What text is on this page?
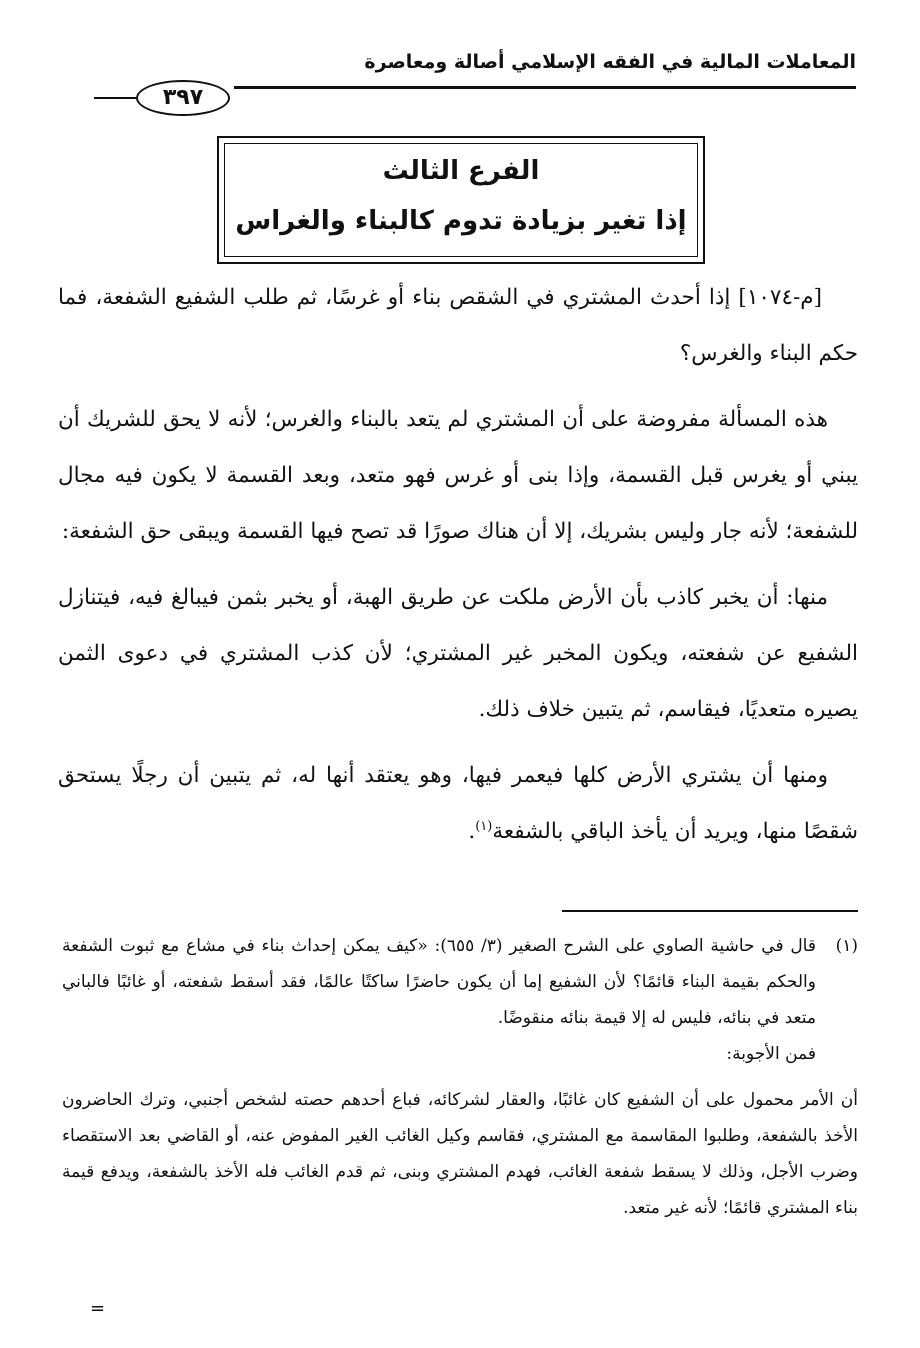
المعاملات المالية في الفقه الإسلامي أصالة ومعاصرة
٣٩٧
الفرع الثالث
إذا تغير بزيادة تدوم كالبناء والغراس

[م-١٠٧٤] إذا أحدث المشتري في الشقص بناء أو غرسًا، ثم طلب الشفيع الشفعة، فما حكم البناء والغرس؟

هذه المسألة مفروضة على أن المشتري لم يتعد بالبناء والغرس؛ لأنه لا يحق للشريك أن يبني أو يغرس قبل القسمة، وإذا بنى أو غرس فهو متعد، وبعد القسمة لا يكون فيه مجال للشفعة؛ لأنه جار وليس بشريك، إلا أن هناك صورًا قد تصح فيها القسمة ويبقى حق الشفعة:

منها: أن يخبر كاذب بأن الأرض ملكت عن طريق الهبة، أو يخبر بثمن فيبالغ فيه، فيتنازل الشفيع عن شفعته، ويكون المخبر غير المشتري؛ لأن كذب المشتري في دعوى الثمن يصيره متعديًا، فيقاسم، ثم يتبين خلاف ذلك.

ومنها أن يشتري الأرض كلها فيعمر فيها، وهو يعتقد أنها له، ثم يتبين أن رجلًا يستحق شقصًا منها، ويريد أن يأخذ الباقي بالشفعة$^{(١)}$.

(١)

قال في حاشية الصاوي على الشرح الصغير (٣/ ٦٥٥): «كيف يمكن إحداث بناء في مشاع مع ثبوت الشفعة والحكم بقيمة البناء قائمًا؟ لأن الشفيع إما أن يكون حاضرًا ساكتًا عالمًا، فقد أسقط شفعته، أو غائبًا فالباني متعد في بنائه، فليس له إلا قيمة بنائه منقوضًا.

فمن الأجوبة:

أن الأمر محمول على أن الشفيع كان غائبًا، والعقار لشركائه، فباع أحدهم حصته لشخص أجنبي، وترك الحاضرون الأخذ بالشفعة، وطلبوا المقاسمة مع المشتري، فقاسم وكيل الغائب الغير المفوض عنه، أو القاضي بعد الاستقصاء وضرب الأجل، وذلك لا يسقط شفعة الغائب، فهدم المشتري وبنى، ثم قدم الغائب فله الأخذ بالشفعة، ويدفع قيمة بناء المشتري قائمًا؛ لأنه غير متعد.

=
